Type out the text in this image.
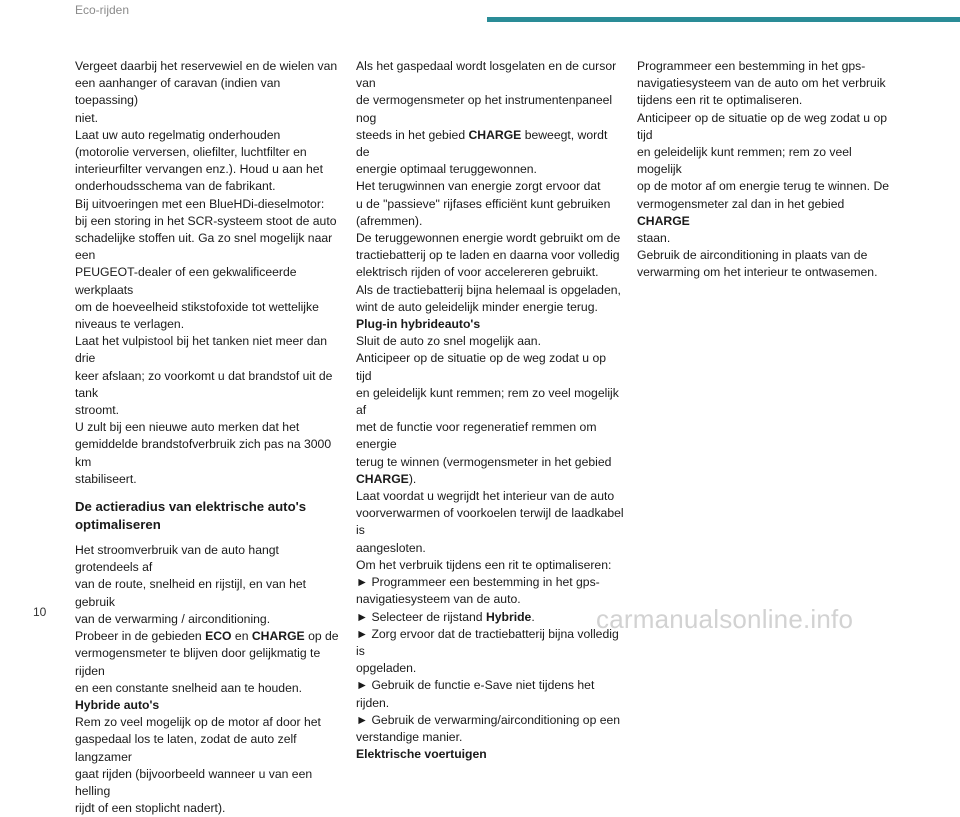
Eco-rijden

Vergeet daarbij het reservewiel en de wielen van
een aanhanger of caravan (indien van toepassing)
niet.
Laat uw auto regelmatig onderhouden
(motorolie verversen, oliefilter, luchtfilter en
interieurfilter vervangen enz.). Houd u aan het
onderhoudsschema van de fabrikant.
Bij uitvoeringen met een BlueHDi-dieselmotor:
bij een storing in het SCR-systeem stoot de auto
schadelijke stoffen uit. Ga zo snel mogelijk naar een
PEUGEOT-dealer of een gekwalificeerde werkplaats
om de hoeveelheid stikstofoxide tot wettelijke
niveaus te verlagen.
Laat het vulpistool bij het tanken niet meer dan drie
keer afslaan; zo voorkomt u dat brandstof uit de tank
stroomt.
U zult bij een nieuwe auto merken dat het
gemiddelde brandstofverbruik zich pas na 3000 km
stabiliseert.

De actieradius van elektrische auto's
optimaliseren

Het stroomverbruik van de auto hangt grotendeels af
van de route, snelheid en rijstijl, en van het gebruik
van de verwarming / airconditioning.

Probeer in de gebieden ECO en CHARGE op de
vermogensmeter te blijven door gelijkmatig te rijden
en een constante snelheid aan te houden.

Hybride auto's

Rem zo veel mogelijk op de motor af door het
gaspedaal los te laten, zodat de auto zelf langzamer
gaat rijden (bijvoorbeeld wanneer u van een helling
rijdt of een stoplicht nadert).

Als het gaspedaal wordt losgelaten en de cursor van
de vermogensmeter op het instrumentenpaneel nog
steeds in het gebied CHARGE beweegt, wordt de
energie optimaal teruggewonnen.

Het terugwinnen van energie zorgt ervoor dat
u de "passieve" rijfases efficiënt kunt gebruiken
(afremmen).
De teruggewonnen energie wordt gebruikt om de
tractiebatterij op te laden en daarna voor volledig
elektrisch rijden of voor accelereren gebruikt.
Als de tractiebatterij bijna helemaal is opgeladen,
wint de auto geleidelijk minder energie terug.

Plug-in hybrideauto's

Sluit de auto zo snel mogelijk aan.
Anticipeer op de situatie op de weg zodat u op tijd
en geleidelijk kunt remmen; rem zo veel mogelijk af
met de functie voor regeneratief remmen om energie
terug te winnen (vermogensmeter in het gebied
CHARGE).

Laat voordat u wegrijdt het interieur van de auto
voorverwarmen of voorkoelen terwijl de laadkabel is
aangesloten.
Om het verbruik tijdens een rit te optimaliseren:

► Programmeer een bestemming in het gps-
navigatiesysteem van de auto.

► Selecteer de rijstand Hybride.

► Zorg ervoor dat de tractiebatterij bijna volledig is
opgeladen.

► Gebruik de functie e-Save niet tijdens het rijden.

► Gebruik de verwarming/airconditioning op een
verstandige manier.

Elektrische voertuigen

Programmeer een bestemming in het gps-
navigatiesysteem van de auto om het verbruik
tijdens een rit te optimaliseren.

Anticipeer op de situatie op de weg zodat u op tijd
en geleidelijk kunt remmen; rem zo veel mogelijk
op de motor af om energie terug te winnen. De
vermogensmeter zal dan in het gebied CHARGE
staan.

Gebruik de airconditioning in plaats van de
verwarming om het interieur te ontwasemen.

10	carmanualsonline.info
